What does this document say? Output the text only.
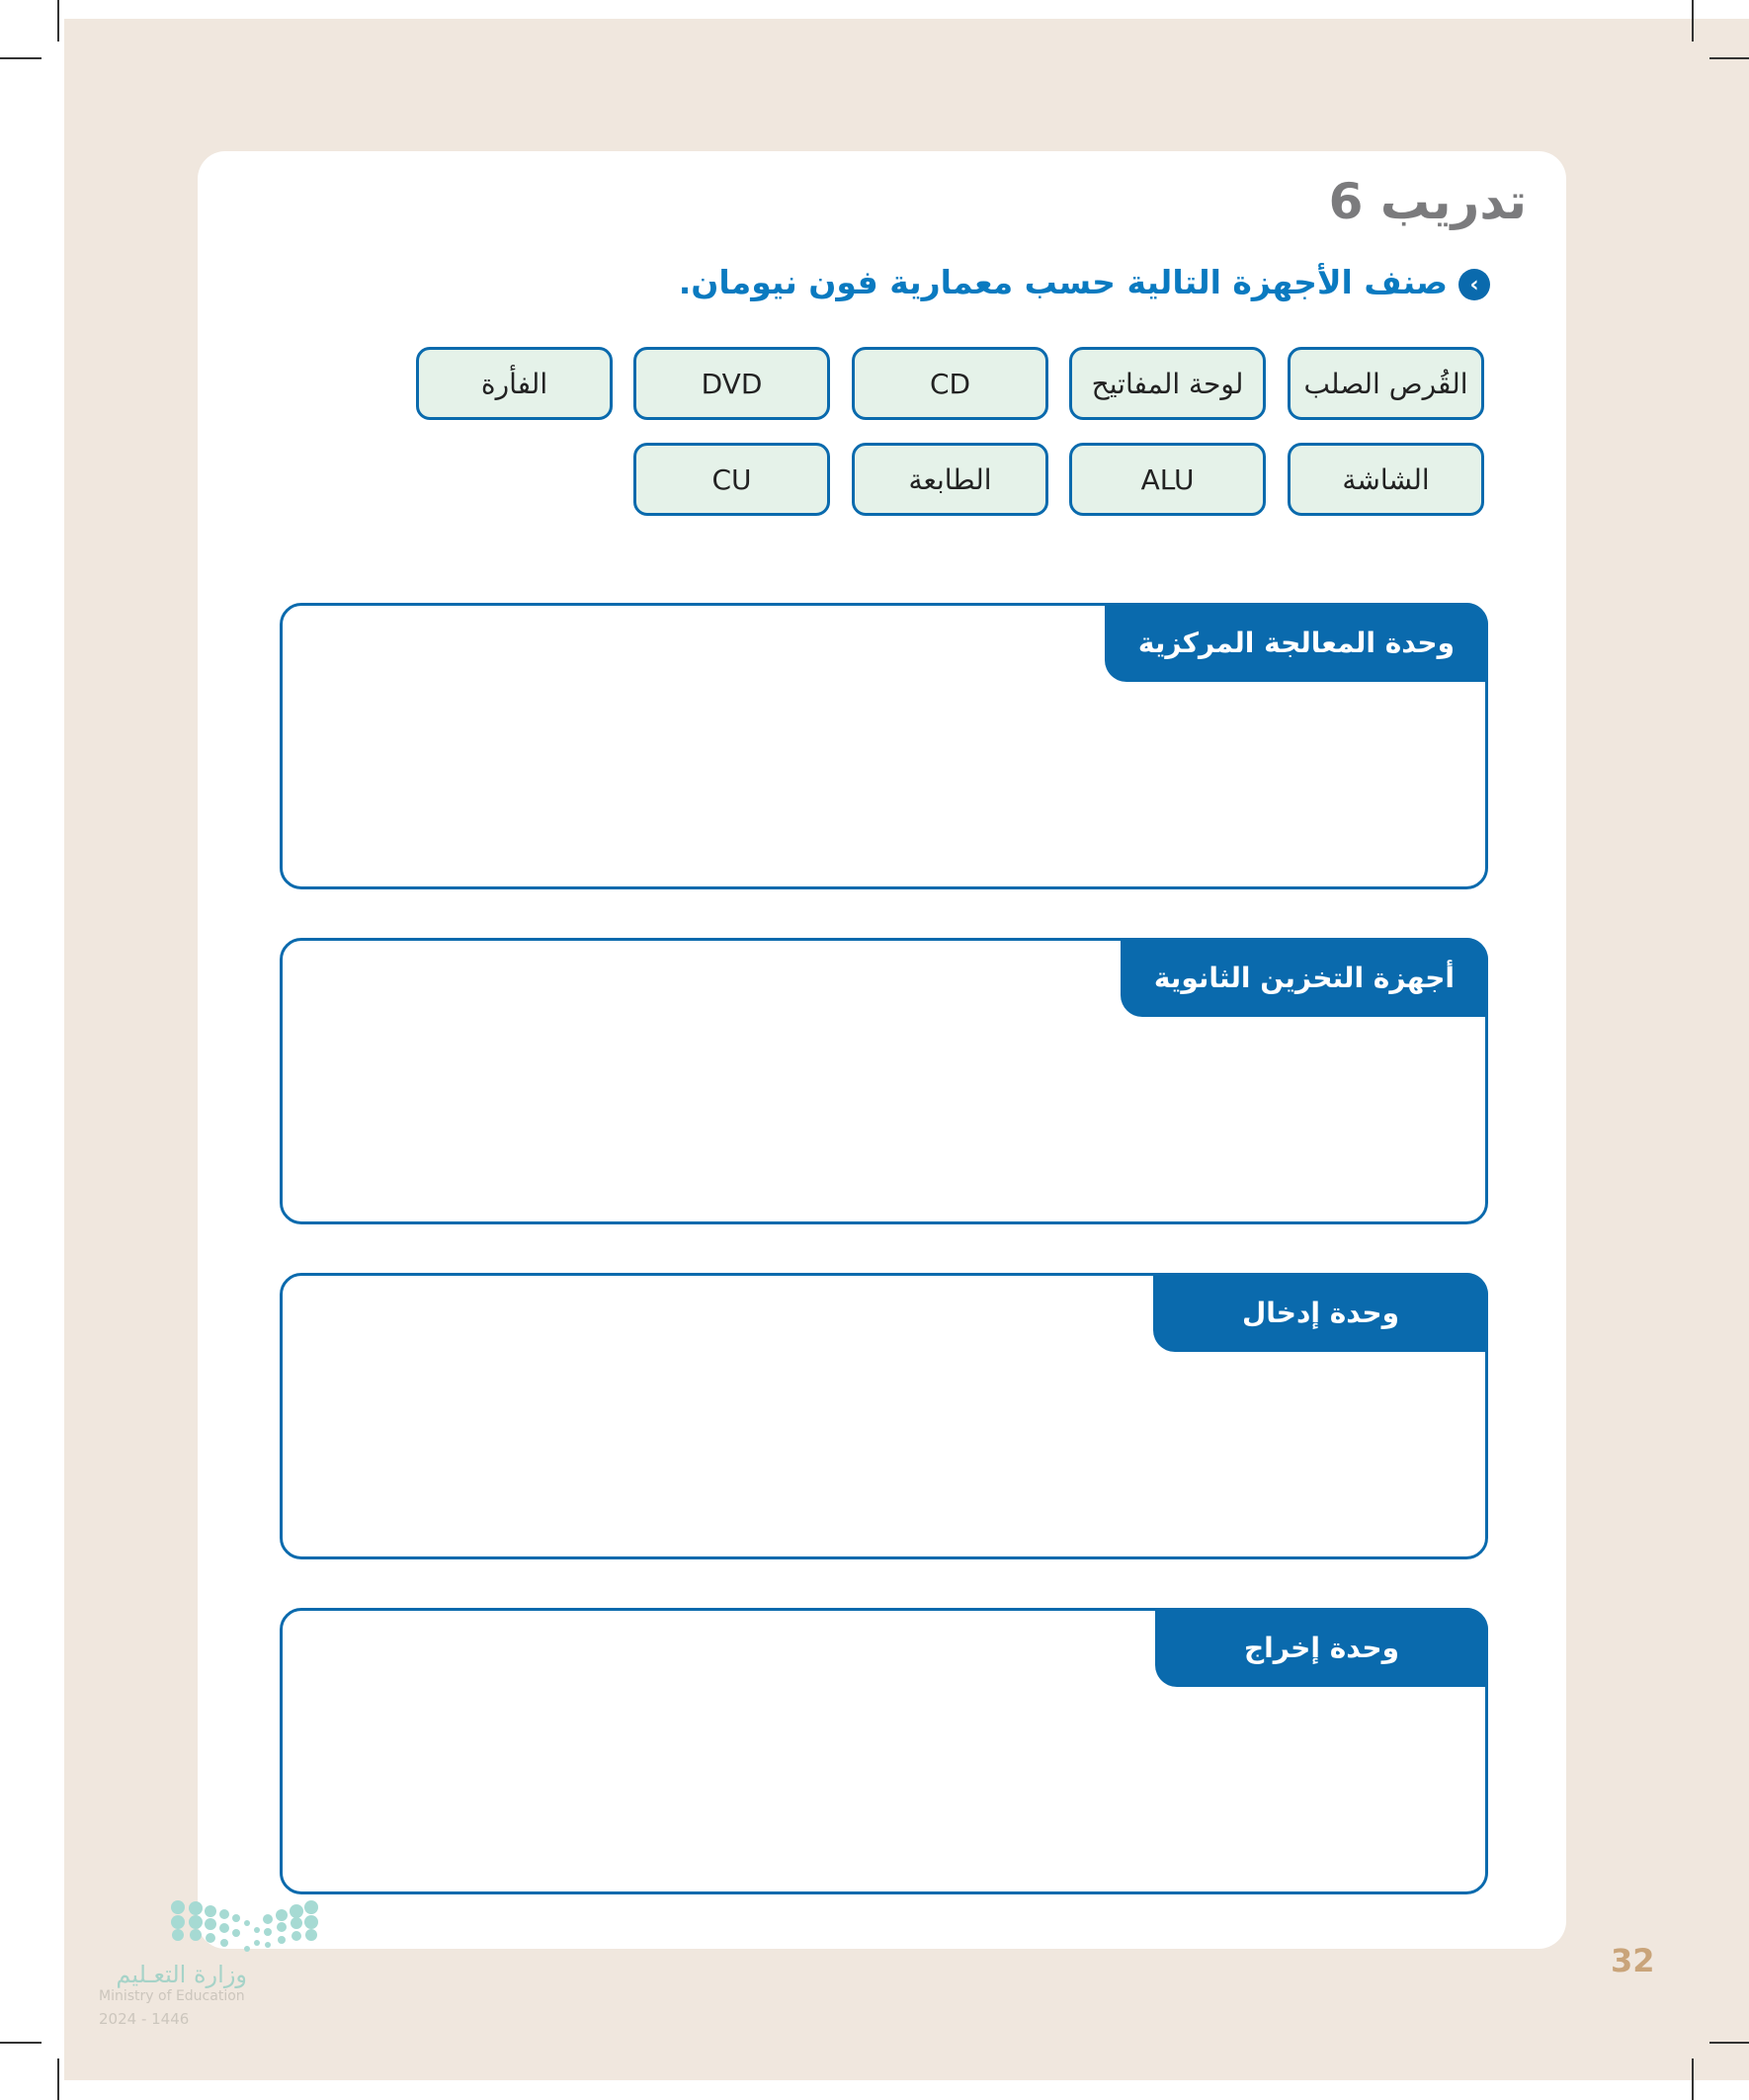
تدريب 6
‹
صنف الأجهزة التالية حسب معمارية فون نيومان.
القُرص الصلب
لوحة المفاتيح
CD
DVD
الفأرة
الشاشة
ALU
الطابعة
CU
وحدة المعالجة المركزية
أجهزة التخزين الثانوية
وحدة إدخال
وحدة إخراج
وزارة التعـليم
Ministry of Education
2024 - 1446
32
